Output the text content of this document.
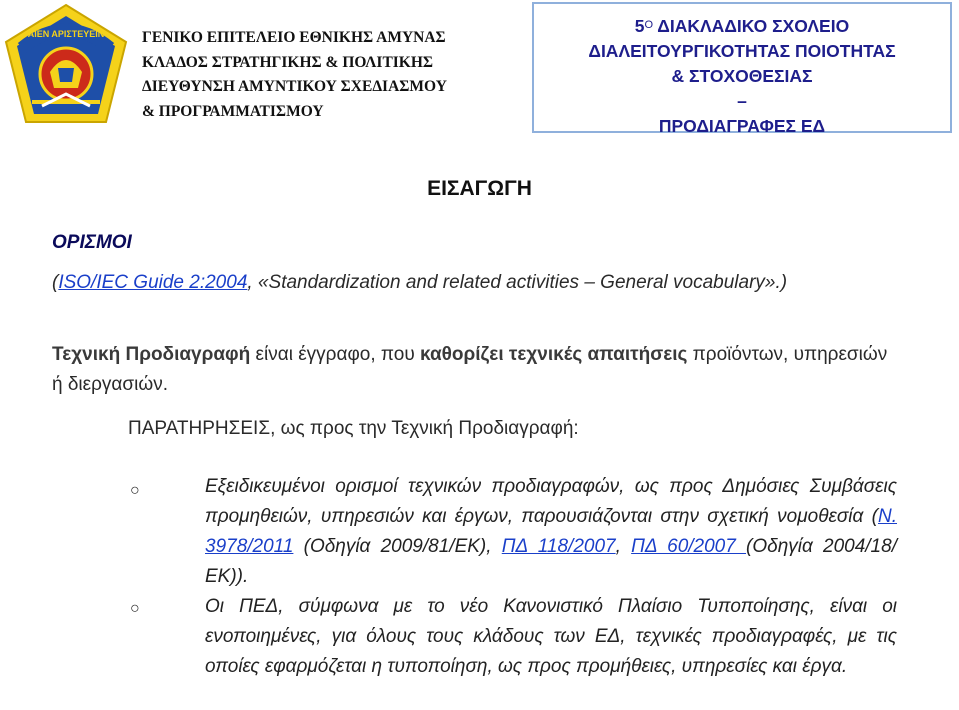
ΑΙΕΝ ΑΡΙΣΤΕΥΕΙΝ ΓΕΝΙΚΟ ΕΠΙΤΕΛΕΙΟ ΕΘΝΙΚΗΣ ΑΜΥΝΑΣ
ΚΛΑΔΟΣ ΣΤΡΑΤΗΓΙΚΗΣ & ΠΟΛΙΤΙΚΗΣ
ΔΙΕΥΘΥΝΣΗ ΑΜΥΝΤΙΚΟΥ ΣΧΕΔΙΑΣΜΟΥ
& ΠΡΟΓΡΑΜΜΑΤΙΣΜΟΥ
$5^O$ ΔΙΑΚΛΑΔΙΚΟ ΣΧΟΛΕΙΟ
ΔΙΑΛΕΙΤΟΥΡΓΙΚΟΤΗΤΑΣ ΠΟΙΟΤΗΤΑΣ
& ΣΤΟΧΟΘΕΣΙΑΣ
–
ΠΡΟΔΙΑΓΡΑΦΕΣ ΕΔ
ΕΙΣΑΓΩΓΗ
ΟΡΙΣΜΟΙ
(ISO/IEC Guide 2:2004, «Standardization and related activities – General vocabulary».)
Τεχνική Προδιαγραφή είναι έγγραφο, που καθορίζει τεχνικές απαιτήσεις προϊόντων, υπηρεσιών ή διεργασιών.
ΠΑΡΑΤΗΡΗΣΕΙΣ, ως προς την Τεχνική Προδιαγραφή:
○	Εξειδικευμένοι ορισμοί τεχνικών προδιαγραφών, ως προς Δημόσιες Συμβάσεις προμηθειών, υπηρεσιών και έργων, παρουσιάζονται στην σχετική νομοθεσία (Ν. 3978/2011 (Οδηγία 2009/81/ΕΚ), ΠΔ 118/2007, ΠΔ 60/2007 (Οδηγία 2004/18/ΕΚ)).
○	Οι ΠΕΔ, σύμφωνα με το νέο Κανονιστικό Πλαίσιο Τυποποίησης, είναι οι ενοποιημένες, για όλους τους κλάδους των ΕΔ, τεχνικές προδιαγραφές, με τις οποίες εφαρμόζεται η τυποποίηση, ως προς προμήθειες, υπηρεσίες και έργα.
